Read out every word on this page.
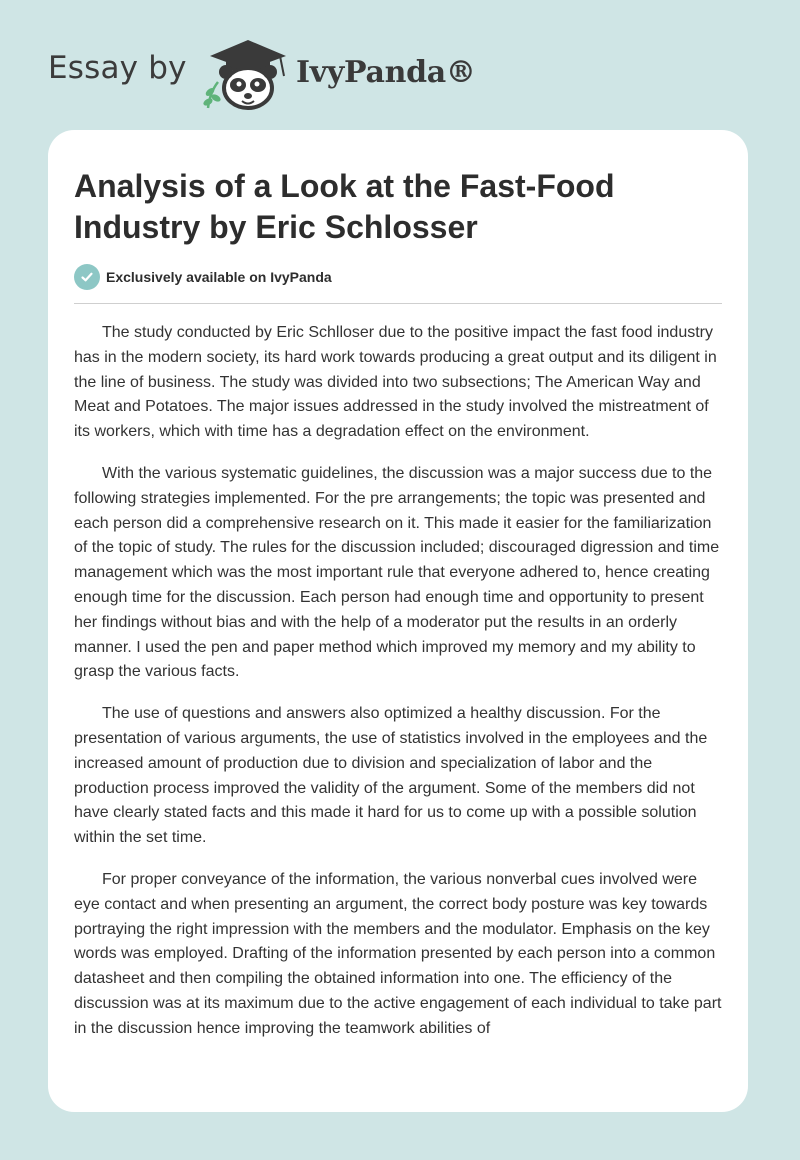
Essay by	IvyPanda®
Analysis of a Look at the Fast-Food Industry by Eric Schlosser
Exclusively available on IvyPanda

The study conducted by Eric Schlloser due to the positive impact the fast food industry has in the modern society, its hard work towards producing a great output and its diligent in the line of business. The study was divided into two subsections; The American Way and Meat and Potatoes. The major issues addressed in the study involved the mistreatment of its workers, which with time has a degradation effect on the environment.

With the various systematic guidelines, the discussion was a major success due to the following strategies implemented. For the pre arrangements; the topic was presented and each person did a comprehensive research on it. This made it easier for the familiarization of the topic of study. The rules for the discussion included; discouraged digression and time management which was the most important rule that everyone adhered to, hence creating enough time for the discussion. Each person had enough time and opportunity to present her findings without bias and with the help of a moderator put the results in an orderly manner. I used the pen and paper method which improved my memory and my ability to grasp the various facts.

The use of questions and answers also optimized a healthy discussion. For the presentation of various arguments, the use of statistics involved in the employees and the increased amount of production due to division and specialization of labor and the production process improved the validity of the argument. Some of the members did not have clearly stated facts and this made it hard for us to come up with a possible solution within the set time.

For proper conveyance of the information, the various nonverbal cues involved were eye contact and when presenting an argument, the correct body posture was key towards portraying the right impression with the members and the modulator. Emphasis on the key words was employed. Drafting of the information presented by each person into a common datasheet and then compiling the obtained information into one. The efficiency of the discussion was at its maximum due to the active engagement of each individual to take part in the discussion hence improving the teamwork abilities of
